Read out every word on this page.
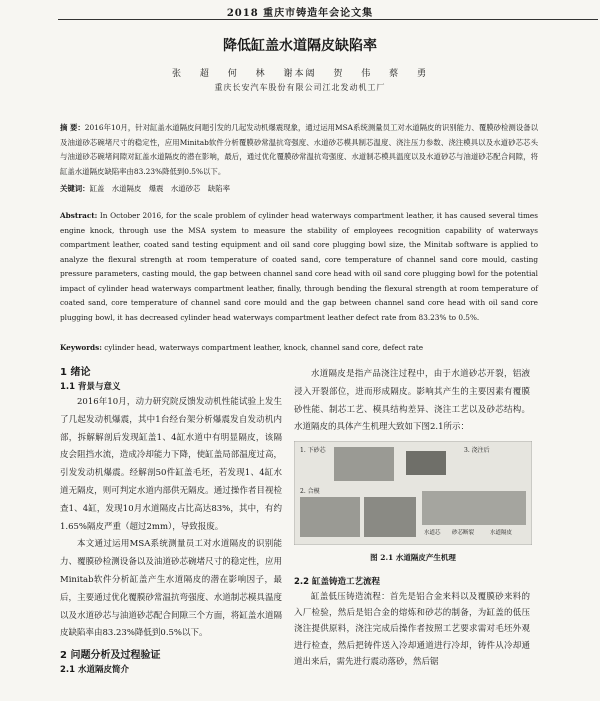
2018 重庆市铸造年会论文集
降低缸盖水道隔皮缺陷率
张 超 何 林 谢本阔 贺 伟 蔡 勇
重庆长安汽车股份有限公司江北发动机工厂
摘 要：2016年10月，针对缸盖水道隔皮问题引发的几起发动机爆震现象，通过运用MSA系统测量员工对水道隔皮的识别能力、覆膜砂检测设备以及油道砂芯碗堵尺寸的稳定性，应用Minitab软件分析覆膜砂常温抗弯强度、水道砂芯模具制芯温度、浇注压力参数、浇注模具以及水道砂芯芯头与油道砂芯碗堵间隙对缸盖水道隔皮的潜在影响，最后，通过优化覆膜砂常温抗弯强度、水道制芯模具温度以及水道砂芯与油道砂芯配合间隙，将缸盖水道隔皮缺陷率由83.23%降低到0.5%以下。
关键词：缸盖　水道隔皮　爆震　水道砂芯　缺陷率
Abstract: In October 2016, for the scale problem of cylinder head waterways compartment leather, it has caused several times engine knock, through use the MSA system to measure the stability of employees recognition capability of waterways compartment leather, coated sand testing equipment and oil sand core plugging bowl size, the Minitab software is applied to analyze the flexural strength at room temperature of coated sand, core temperature of channel sand core mould, casting pressure parameters, casting mould, the gap between channel sand core head with oil sand core plugging bowl for the potential impact of cylinder head waterways compartment leather, finally, through bending the flexural strength at room temperature of coated sand, core temperature of channel sand core mould and the gap between channel sand core head with oil sand core plugging bowl, it has decreased cylinder head waterways compartment leather defect rate from 83.23% to 0.5%.
Keywords: cylinder head, waterways compartment leather, knock, channel sand core, defect rate
1 绪论
1.1 背景与意义

2016年10月，动力研究院反馈发动机性能试验上发生了几起发动机爆震，其中1台经台架分析爆震发自发动机内部，拆解解剖后发现缸盖1、4缸水道中有明显隔皮，该隔皮会阻挡水流，造成冷却能力下降，使缸盖局部温度过高，引发发动机爆震。经解剖50件缸盖毛坯，若发现1、4缸水道无隔皮，则可判定水道内部供无隔皮。通过操作者目视检查1、4缸，发现10月水道隔皮占比高达83%，其中，有约1.65%隔皮严重（超过2mm），导致报废。

本文通过运用MSA系统测量员工对水道隔皮的识别能力、覆膜砂检测设备以及油道砂芯碗堵尺寸的稳定性，应用Minitab软件分析缸盖产生水道隔皮的潜在影响因子，最后，主要通过优化覆膜砂常温抗弯强度、水道制芯模具温度以及水道砂芯与油道砂芯配合间隙三个方面，将缸盖水道隔皮缺陷率由83.23%降低到0.5%以下。

2 问题分析及过程验证
2.1 水道隔皮简介

水道隔皮是指产品浇注过程中，由于水道砂芯开裂，铝液浸入开裂部位，进而形成隔皮。影响其产生的主要因素有覆膜砂性能、制芯工艺、模具结构差异、浇注工艺以及砂芯结构。水道隔皮的具体产生机理大致如下图2.1所示：

1. 下砂芯
2. 合模
3. 浇注后
水道芯 砂芯断裂	水道隔皮
图 2.1 水道隔皮产生机理
2.2 缸盖铸造工艺流程

缸盖低压铸造流程：首先是铝合金来料以及覆膜砂来料的入厂检验，然后是铝合金的熔炼和砂芯的制备，为缸盖的低压浇注提供原料，浇注完成后操作者按照工艺要求需对毛坯外观进行检查，然后把铸件送入冷却通道进行冷却，铸件从冷却通道出来后，需先进行震动落砂，然后锯
